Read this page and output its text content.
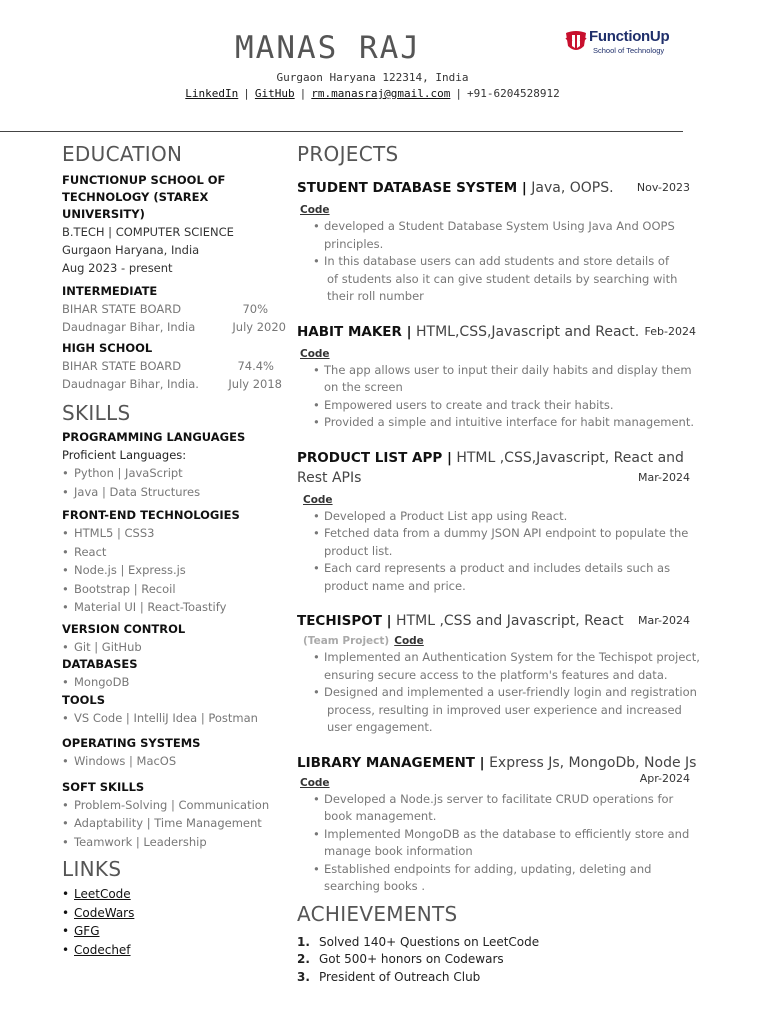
MANAS RAJ
Gurgaon Haryana 122314, India
LinkedIn | GitHub | rm.manasraj@gmail.com | +91-6204528912
FunctionUp
School of Technology
EDUCATION
FUNCTIONUP SCHOOL OF
TECHNOLOGY (STAREX UNIVERSITY)
B.TECH | COMPUTER SCIENCE
Gurgaon Haryana, India
Aug 2023 - present
INTERMEDIATE
BIHAR STATE BOARD	70%
Daudnagar Bihar, India	July 2020
HIGH SCHOOL
BIHAR STATE BOARD	74.4%
Daudnagar Bihar, India.	July 2018
SKILLS
PROGRAMMING LANGUAGES
Proficient Languages:
• Python | JavaScript
• Java | Data Structures
FRONT-END TECHNOLOGIES
• HTML5 | CSS3
• React
• Node.js | Express.js
• Bootstrap | Recoil
• Material UI | React-Toastify
VERSION CONTROL
• Git | GitHub
DATABASES
• MongoDB
TOOLS
• VS Code | IntelliJ Idea | Postman
OPERATING SYSTEMS
• Windows | MacOS
SOFT SKILLS
• Problem-Solving | Communication
• Adaptability | Time Management
• Teamwork | Leadership
LINKS
• LeetCode
• CodeWars
• GFG
• Codechef
PROJECTS
STUDENT DATABASE SYSTEM | Java, OOPS. Nov-2023
Code
• developed a Student Database System Using Java And OOPS
principles.
• In this database users can add students and store details of
of students also it can give student details by searching with
their roll number
HABIT MAKER | HTML,CSS,Javascript and React. Feb-2024
Code
• The app allows user to input their daily habits and display them
on the screen
• Empowered users to create and track their habits.
• Provided a simple and intuitive interface for habit management.
PRODUCT LIST APP | HTML ,CSS,Javascript, React and
Rest APIs	Mar-2024
Code
• Developed a Product List app using React.
• Fetched data from a dummy JSON API endpoint to populate the
product list.
• Each card represents a product and includes details such as
product name and price.
TECHISPOT | HTML ,CSS and Javascript, React Mar-2024
(Team Project) Code
• Implemented an Authentication System for the Techispot project,
ensuring secure access to the platform's features and data.
• Designed and implemented a user-friendly login and registration
process, resulting in improved user experience and increased
user engagement.
LIBRARY MANAGEMENT | Express Js, MongoDb, Node Js
Code	Apr-2024
• Developed a Node.js server to facilitate CRUD operations for
book management.
• Implemented MongoDB as the database to efficiently store and
manage book information
• Established endpoints for adding, updating, deleting and
searching books .
ACHIEVEMENTS
1. Solved 140+ Questions on LeetCode
2. Got 500+ honors on Codewars
3. President of Outreach Club
